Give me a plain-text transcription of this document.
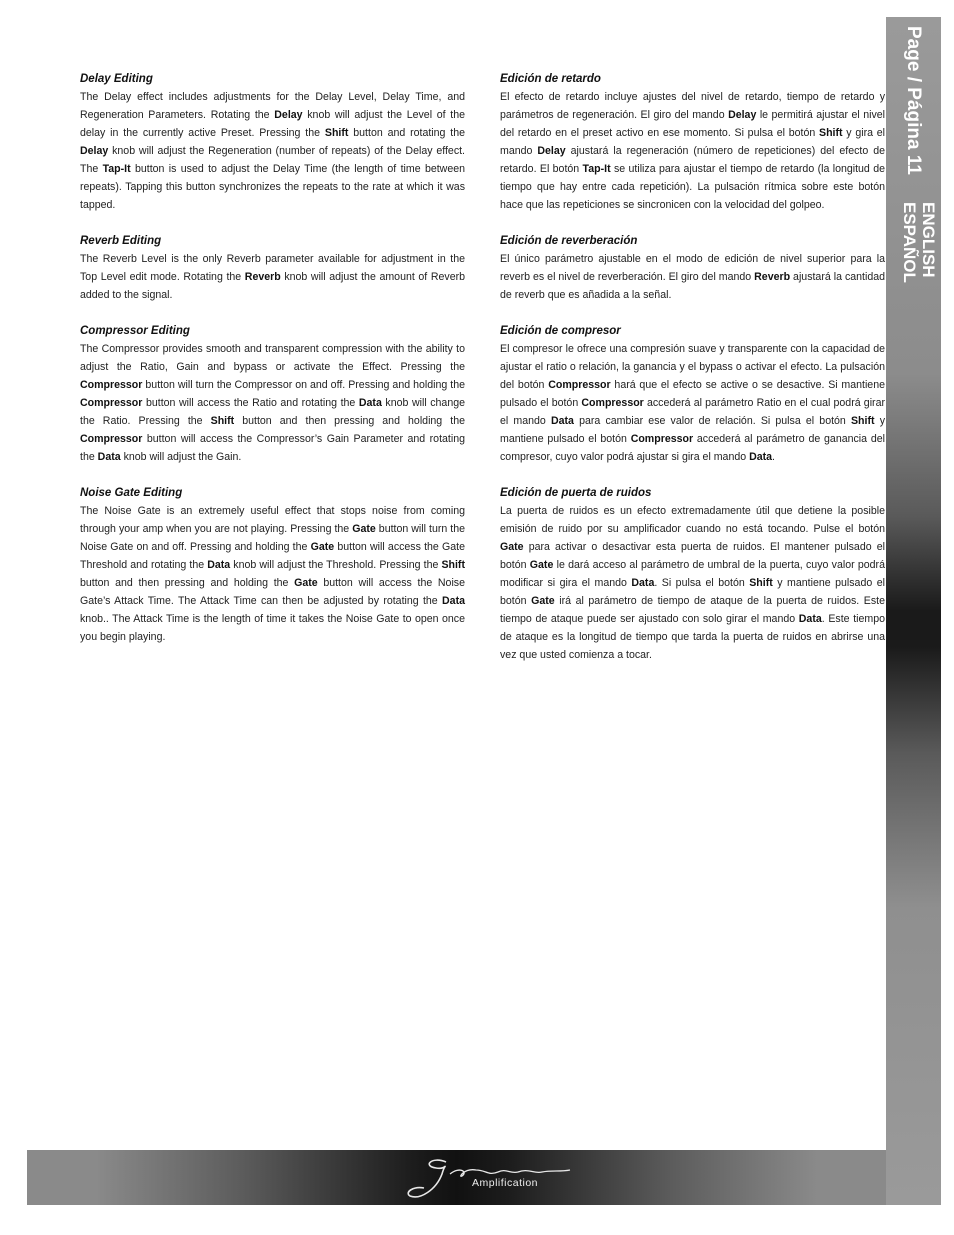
Delay Editing

The Delay effect includes adjustments for the Delay Level, Delay Time, and Regeneration Parameters. Rotating the Delay knob will adjust the Level of the delay in the currently active Preset. Pressing the Shift button and rotating the Delay knob will adjust the Regeneration (number of repeats) of the Delay effect. The Tap-It button is used to adjust the Delay Time (the length of time between repeats). Tapping this button synchronizes the repeats to the rate at which it was tapped.

Reverb Editing

The Reverb Level is the only Reverb parameter available for adjustment in the Top Level edit mode. Rotating the Reverb knob will adjust the amount of Reverb added to the signal.

Compressor Editing

The Compressor provides smooth and transparent compression with the ability to adjust the Ratio, Gain and bypass or activate the Effect. Pressing the Compressor button will turn the Compressor on and off. Pressing and holding the Compressor button will access the Ratio and rotating the Data knob will change the Ratio. Pressing the Shift button and then pressing and holding the Compressor button will access the Compressor’s Gain Parameter and rotating the Data knob will adjust the Gain.

Noise Gate Editing

The Noise Gate is an extremely useful effect that stops noise from coming through your amp when you are not playing. Pressing the Gate button will turn the Noise Gate on and off. Pressing and holding the Gate button will access the Gate Threshold and rotating the Data knob will adjust the Threshold. Pressing the Shift button and then pressing and holding the Gate button will access the Noise Gate’s Attack Time. The Attack Time can then be adjusted by rotating the Data knob.. The Attack Time is the length of time it takes the Noise Gate to open once you begin playing.

Edición de retardo

El efecto de retardo incluye ajustes del nivel de retardo, tiempo de retardo y parámetros de regeneración. El giro del mando Delay le permitirá ajustar el nivel del retardo en el preset activo en ese momento. Si pulsa el botón Shift y gira el mando Delay ajustará la regeneración (número de repeticiones) del efecto de retardo. El botón Tap-It se utiliza para ajustar el tiempo de retardo (la longitud de tiempo que hay entre cada repetición). La pulsación rítmica sobre este botón hace que las repeticiones se sincronicen con la velocidad del golpeo.

Edición de reverberación

El único parámetro ajustable en el modo de edición de nivel superior para la reverb es el nivel de reverberación. El giro del mando Reverb ajustará la cantidad de reverb que es añadida a la señal.

Edición de compresor

El compresor le ofrece una compresión suave y transparente con la capacidad de ajustar el ratio o relación, la ganancia y el bypass o activar el efecto. La pulsación del botón Compressor hará que el efecto se active o se desactive. Si mantiene pulsado el botón Compressor accederá al parámetro Ratio en el cual podrá girar el mando Data para cambiar ese valor de relación. Si pulsa el botón Shift y mantiene pulsado el botón Compressor accederá al parámetro de ganancia del compresor, cuyo valor podrá ajustar si gira el mando Data.

Edición de puerta de ruidos

La puerta de ruidos es un efecto extremadamente útil que detiene la posible emisión de ruido por su amplificador cuando no está tocando. Pulse el botón Gate para activar o desactivar esta puerta de ruidos. El mantener pulsado el botón Gate le dará acceso al parámetro de umbral de la puerta, cuyo valor podrá modificar si gira el mando Data. Si pulsa el botón Shift y mantiene pulsado el botón Gate irá al parámetro de tiempo de ataque de la puerta de ruidos. Este tiempo de ataque puede ser ajustado con solo girar el mando Data. Este tiempo de ataque es la longitud de tiempo que tarda la puerta de ruidos en abrirse una vez que usted comienza a tocar.

Page / Página 11
ENGLISH
ESPAÑOL
Amplification
